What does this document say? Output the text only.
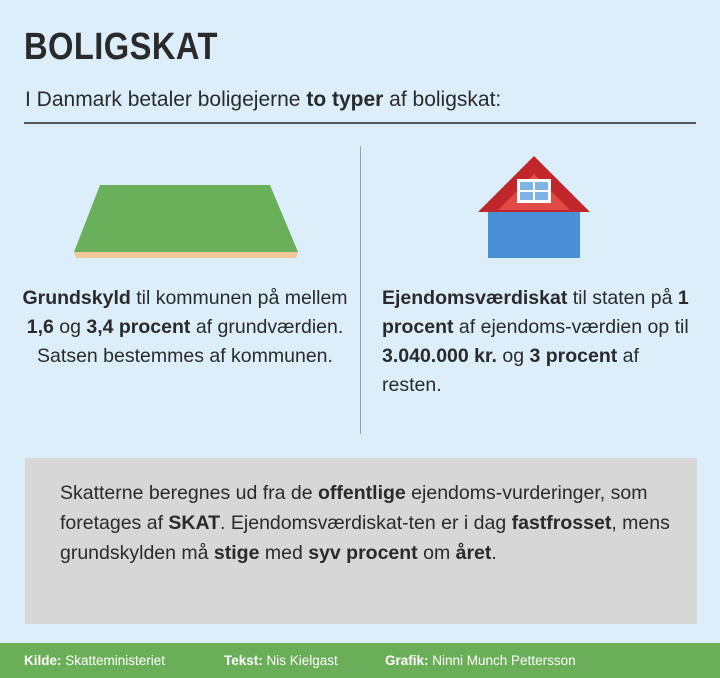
BOLIGSKAT
I Danmark betaler boligejerne to typer af boligskat:
Grundskyld til kommunen på mellem 1,6 og 3,4 procent af grundværdien. Satsen bestemmes af kommunen.
Ejendomsværdiskat til staten på 1 procent af ejendoms-værdien op til 3.040.000 kr. og 3 procent af resten.
Skatterne beregnes ud fra de offentlige ejendoms-vurderinger, som foretages af SKAT. Ejendomsværdiskat-ten er i dag fastfrosset, mens grundskylden må stige med syv procent om året.
Kilde: Skatteministeriet	Tekst: Nis Kielgast	Grafik: Ninni Munch Pettersson
